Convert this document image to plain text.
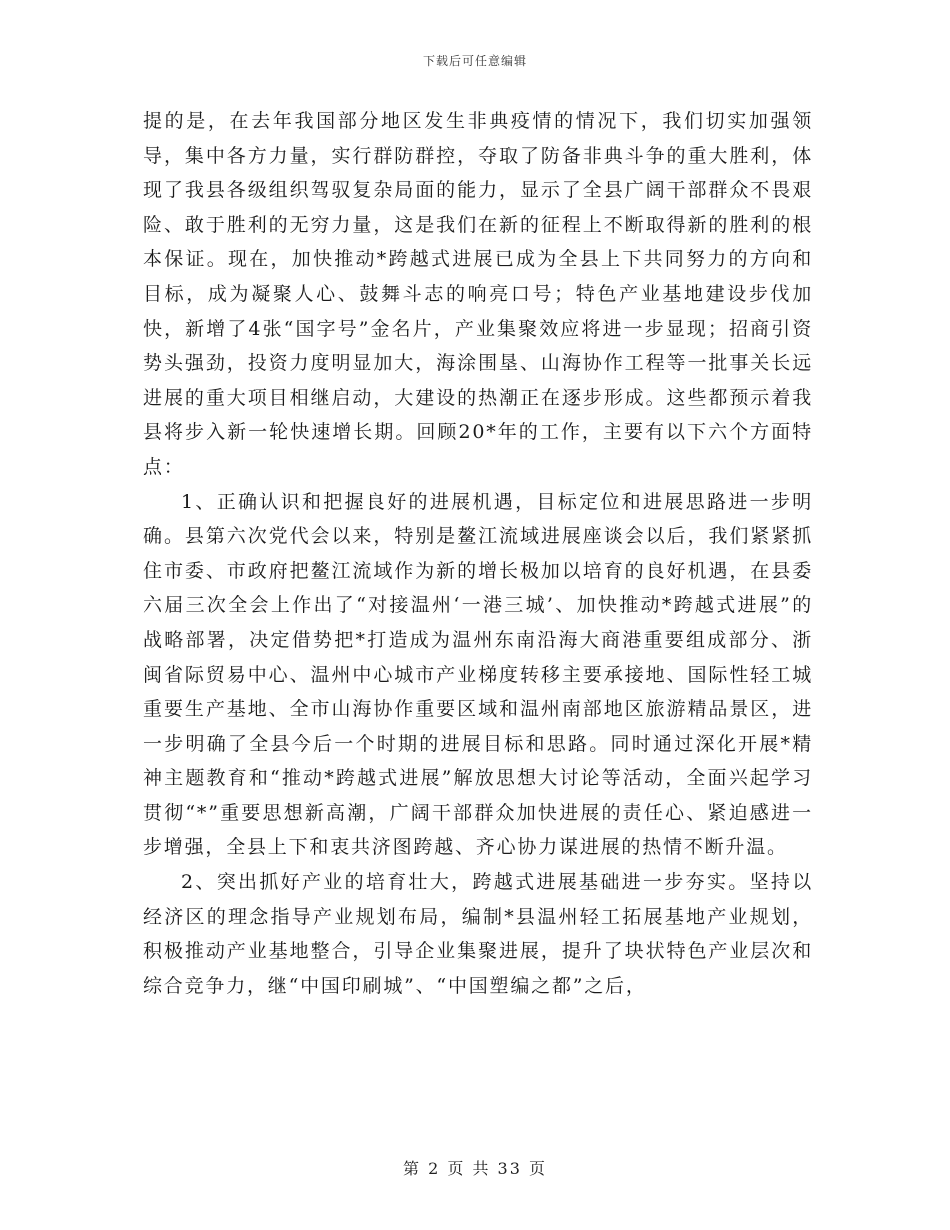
下载后可任意编辑

提的是，在去年我国部分地区发生非典疫情的情况下，我们切实加强领导，集中各方力量，实行群防群控，夺取了防备非典斗争的重大胜利，体现了我县各级组织驾驭复杂局面的能力，显示了全县广阔干部群众不畏艰险、敢于胜利的无穷力量，这是我们在新的征程上不断取得新的胜利的根本保证。现在，加快推动*跨越式进展已成为全县上下共同努力的方向和目标，成为凝聚人心、鼓舞斗志的响亮口号；特色产业基地建设步伐加快，新增了4张“国字号”金名片，产业集聚效应将进一步显现；招商引资势头强劲，投资力度明显加大，海涂围垦、山海协作工程等一批事关长远进展的重大项目相继启动，大建设的热潮正在逐步形成。这些都预示着我县将步入新一轮快速增长期。回顾20*年的工作，主要有以下六个方面特点：

1、正确认识和把握良好的进展机遇，目标定位和进展思路进一步明确。县第六次党代会以来，特别是鳌江流域进展座谈会以后，我们紧紧抓住市委、市政府把鳌江流域作为新的增长极加以培育的良好机遇，在县委六届三次全会上作出了“对接温州‘一港三城’、加快推动*跨越式进展”的战略部署，决定借势把*打造成为温州东南沿海大商港重要组成部分、浙闽省际贸易中心、温州中心城市产业梯度转移主要承接地、国际性轻工城重要生产基地、全市山海协作重要区域和温州南部地区旅游精品景区，进一步明确了全县今后一个时期的进展目标和思路。同时通过深化开展*精神主题教育和“推动*跨越式进展”解放思想大讨论等活动，全面兴起学习贯彻“*”重要思想新高潮，广阔干部群众加快进展的责任心、紧迫感进一步增强，全县上下和衷共济图跨越、齐心协力谋进展的热情不断升温。

2、突出抓好产业的培育壮大，跨越式进展基础进一步夯实。坚持以经济区的理念指导产业规划布局，编制*县温州轻工拓展基地产业规划，积极推动产业基地整合，引导企业集聚进展，提升了块状特色产业层次和综合竞争力，继“中国印刷城”、“中国塑编之都”之后，

第 2 页 共 33 页
